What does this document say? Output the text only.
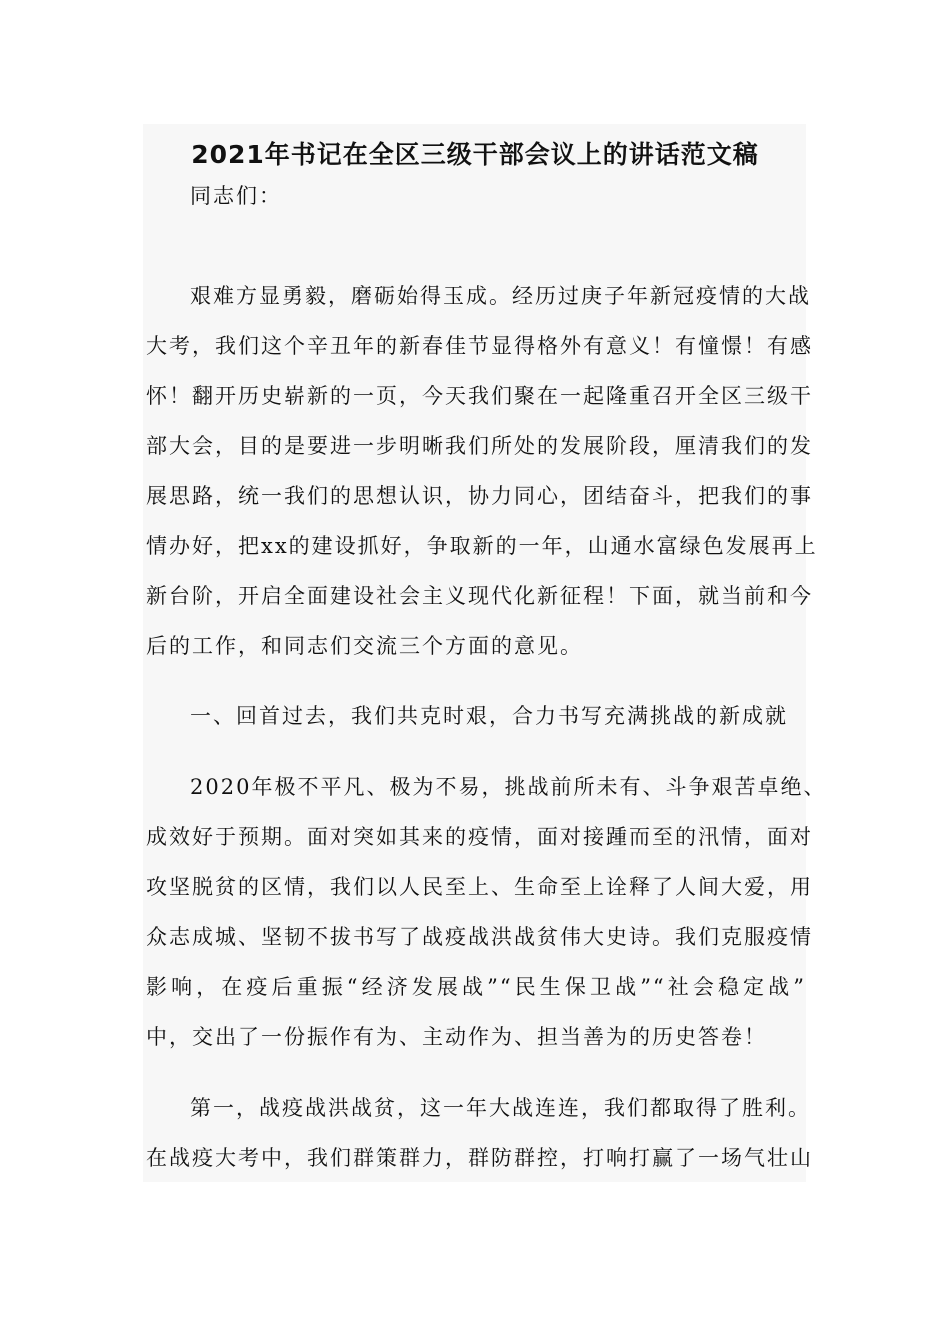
2021年书记在全区三级干部会议上的讲话范文稿

同志们：

艰难方显勇毅，磨砺始得玉成。经历过庚子年新冠疫情的大战
大考，我们这个辛丑年的新春佳节显得格外有意义！有憧憬！有感
怀！翻开历史崭新的一页，今天我们聚在一起隆重召开全区三级干
部大会，目的是要进一步明晰我们所处的发展阶段，厘清我们的发
展思路，统一我们的思想认识，协力同心，团结奋斗，把我们的事
情办好，把xx的建设抓好，争取新的一年，山通水富绿色发展再上
新台阶，开启全面建设社会主义现代化新征程！下面，就当前和今
后的工作，和同志们交流三个方面的意见。

一、回首过去，我们共克时艰，合力书写充满挑战的新成就

2020年极不平凡、极为不易，挑战前所未有、斗争艰苦卓绝、
成效好于预期。面对突如其来的疫情，面对接踵而至的汛情，面对
攻坚脱贫的区情，我们以人民至上、生命至上诠释了人间大爱，用
众志成城、坚韧不拔书写了战疫战洪战贫伟大史诗。我们克服疫情
影响，在疫后重振“经济发展战”“民生保卫战”“社会稳定战”
中，交出了一份振作有为、主动作为、担当善为的历史答卷！

第一，战疫战洪战贫，这一年大战连连，我们都取得了胜利。
在战疫大考中，我们群策群力，群防群控，打响打赢了一场气壮山
